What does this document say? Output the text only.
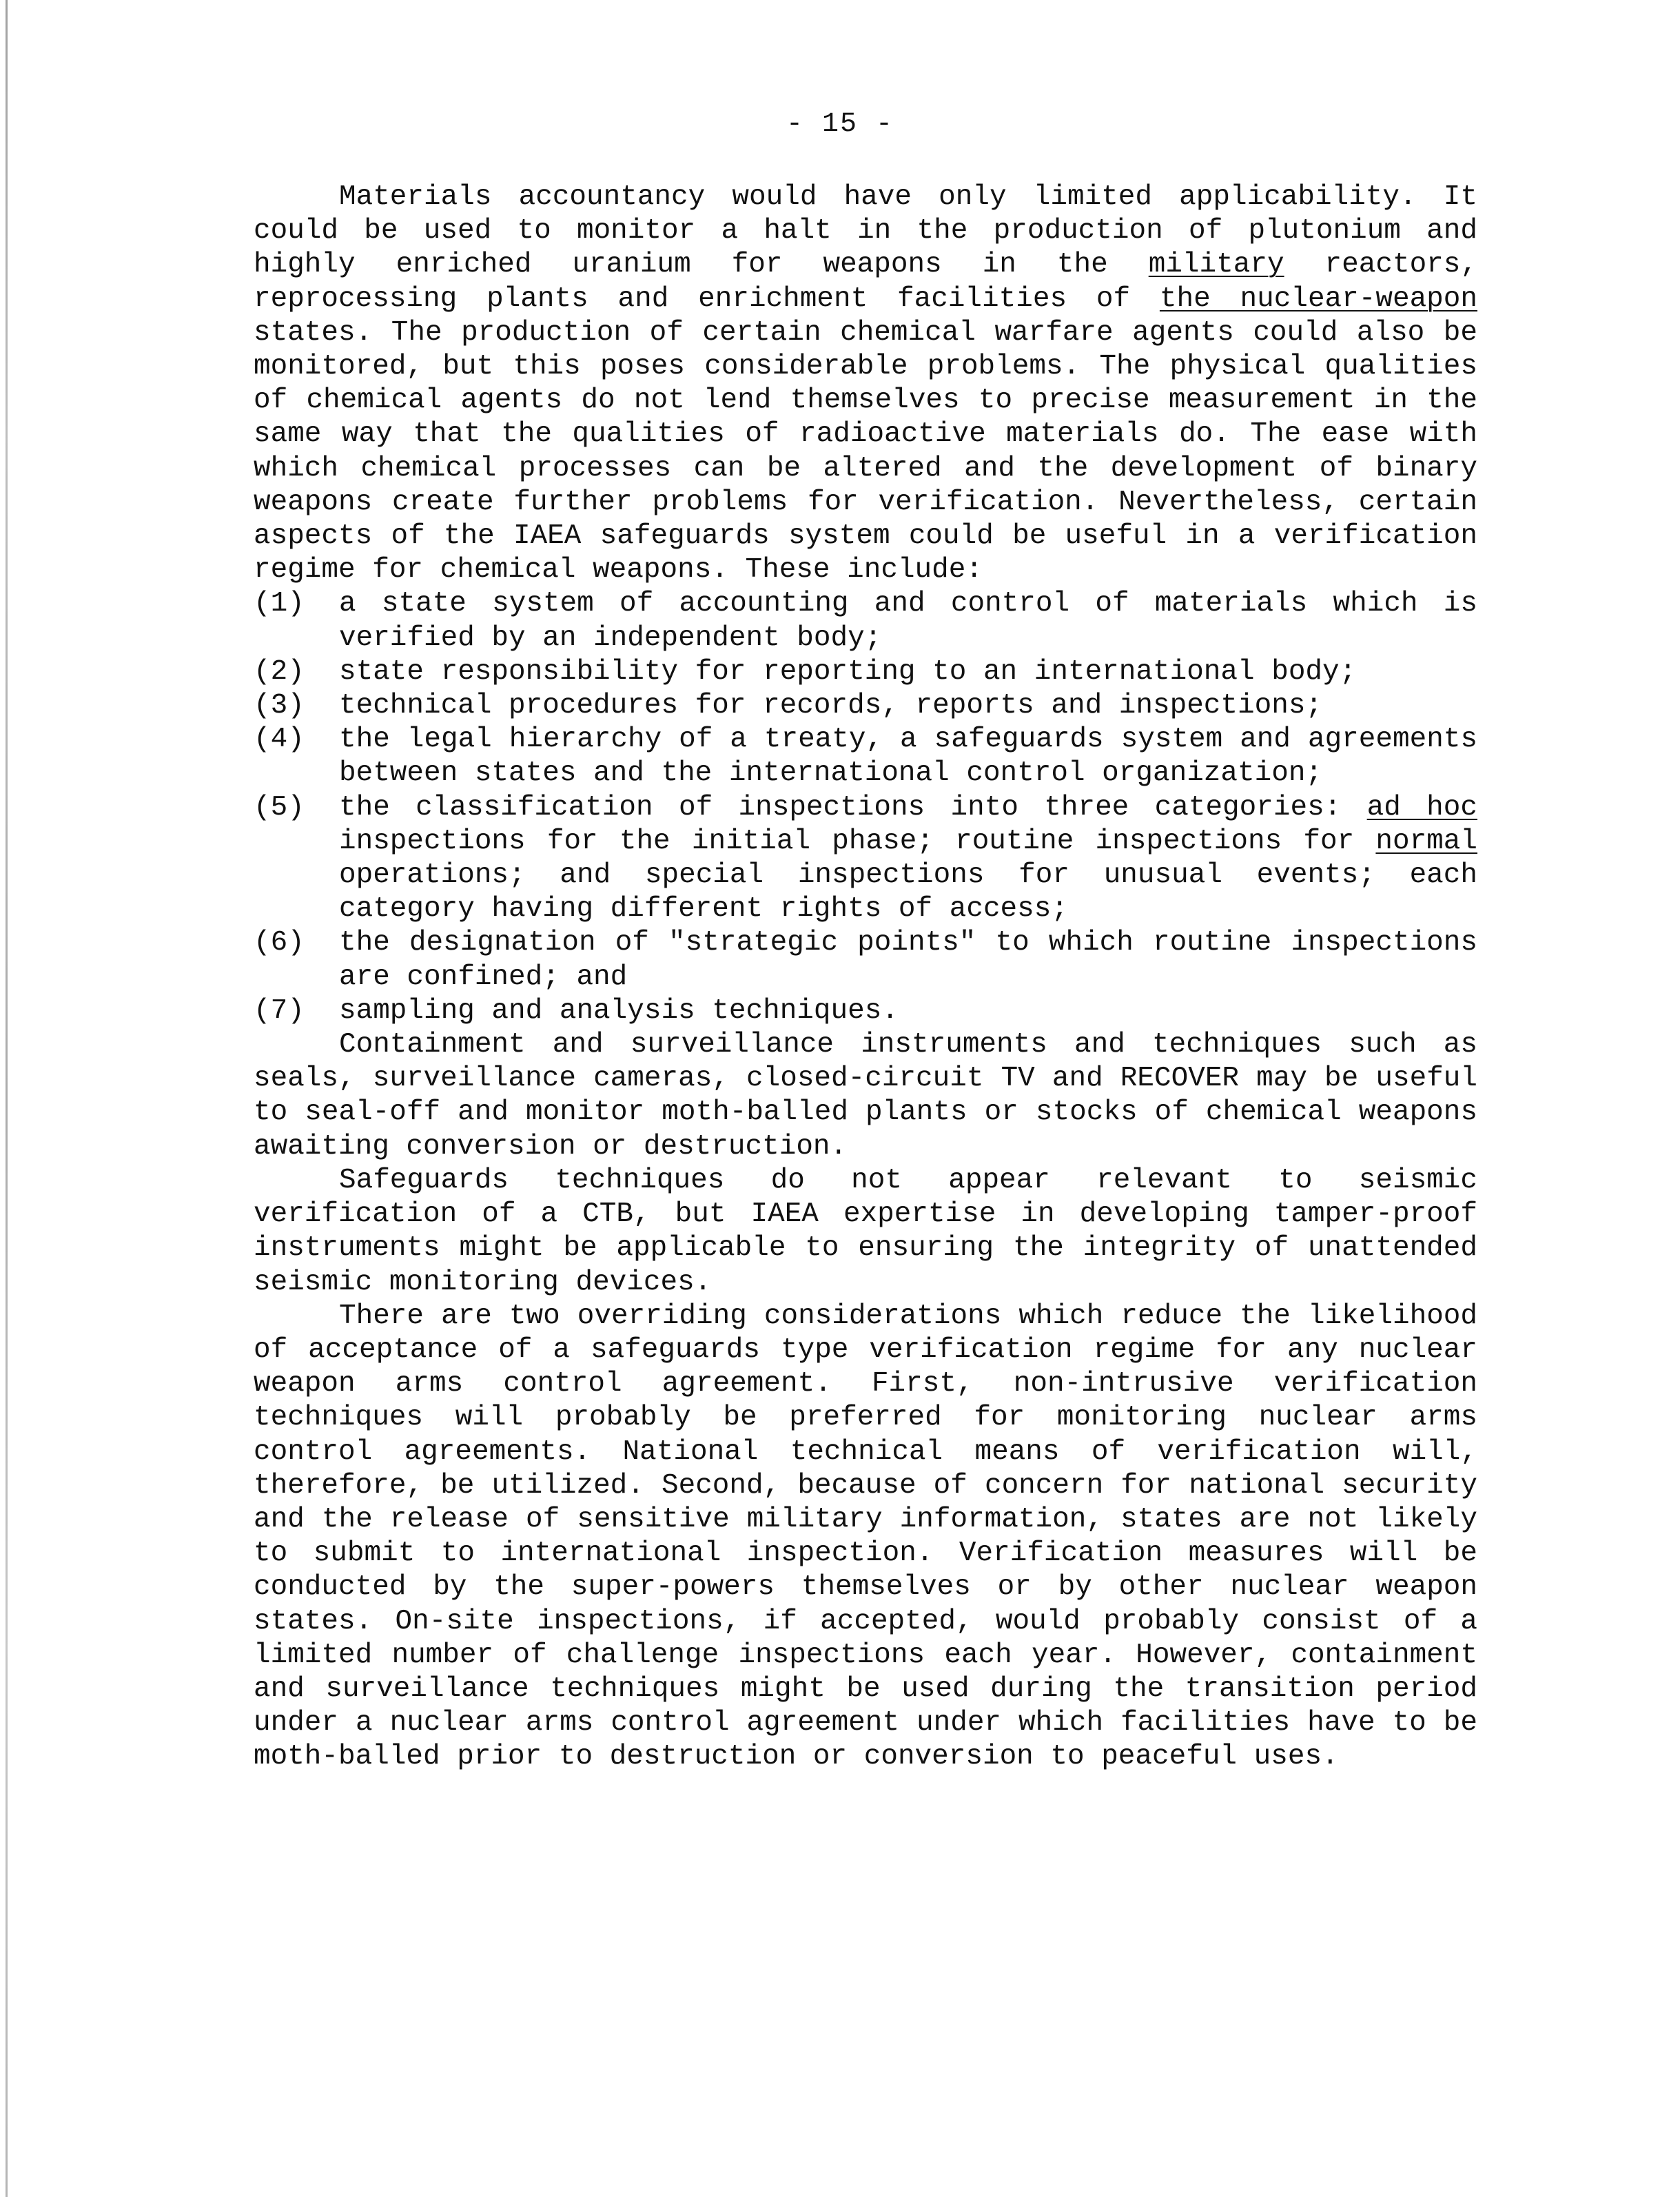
- 15 -

Materials accountancy would have only limited applicability. It could be used to monitor a halt in the production of plutonium and highly enriched uranium for weapons in the military reactors, reprocessing plants and enrichment facilities of the nuclear-weapon states. The production of certain chemical warfare agents could also be monitored, but this poses considerable problems. The physical qualities of chemical agents do not lend themselves to precise measurement in the same way that the qualities of radioactive materials do. The ease with which chemical processes can be altered and the development of binary weapons create further problems for verification. Nevertheless, certain aspects of the IAEA safeguards system could be useful in a verification regime for chemical weapons. These include:

(1) a state system of accounting and control of materials which is verified by an independent body;
(2) state responsibility for reporting to an international body;
(3) technical procedures for records, reports and inspections;
(4) the legal hierarchy of a treaty, a safeguards system and agreements between states and the international control organization;
(5) the classification of inspections into three categories: ad hoc inspections for the initial phase; routine inspections for normal operations; and special inspections for unusual events; each category having different rights of access;
(6) the designation of "strategic points" to which routine inspections are confined; and
(7) sampling and analysis techniques.

Containment and surveillance instruments and techniques such as seals, surveillance cameras, closed-circuit TV and RECOVER may be useful to seal-off and monitor moth-balled plants or stocks of chemical weapons awaiting conversion or destruction.

Safeguards techniques do not appear relevant to seismic verification of a CTB, but IAEA expertise in developing tamper-proof instruments might be applicable to ensuring the integrity of unattended seismic monitoring devices.

There are two overriding considerations which reduce the likelihood of acceptance of a safeguards type verification regime for any nuclear weapon arms control agreement. First, non-intrusive verification techniques will probably be preferred for monitoring nuclear arms control agreements. National technical means of verification will, therefore, be utilized. Second, because of concern for national security and the release of sensitive military information, states are not likely to submit to international inspection. Verification measures will be conducted by the super-powers themselves or by other nuclear weapon states. On-site inspections, if accepted, would probably consist of a limited number of challenge inspections each year. However, containment and surveillance techniques might be used during the transition period under a nuclear arms control agreement under which facilities have to be moth-balled prior to destruction or conversion to peaceful uses.
